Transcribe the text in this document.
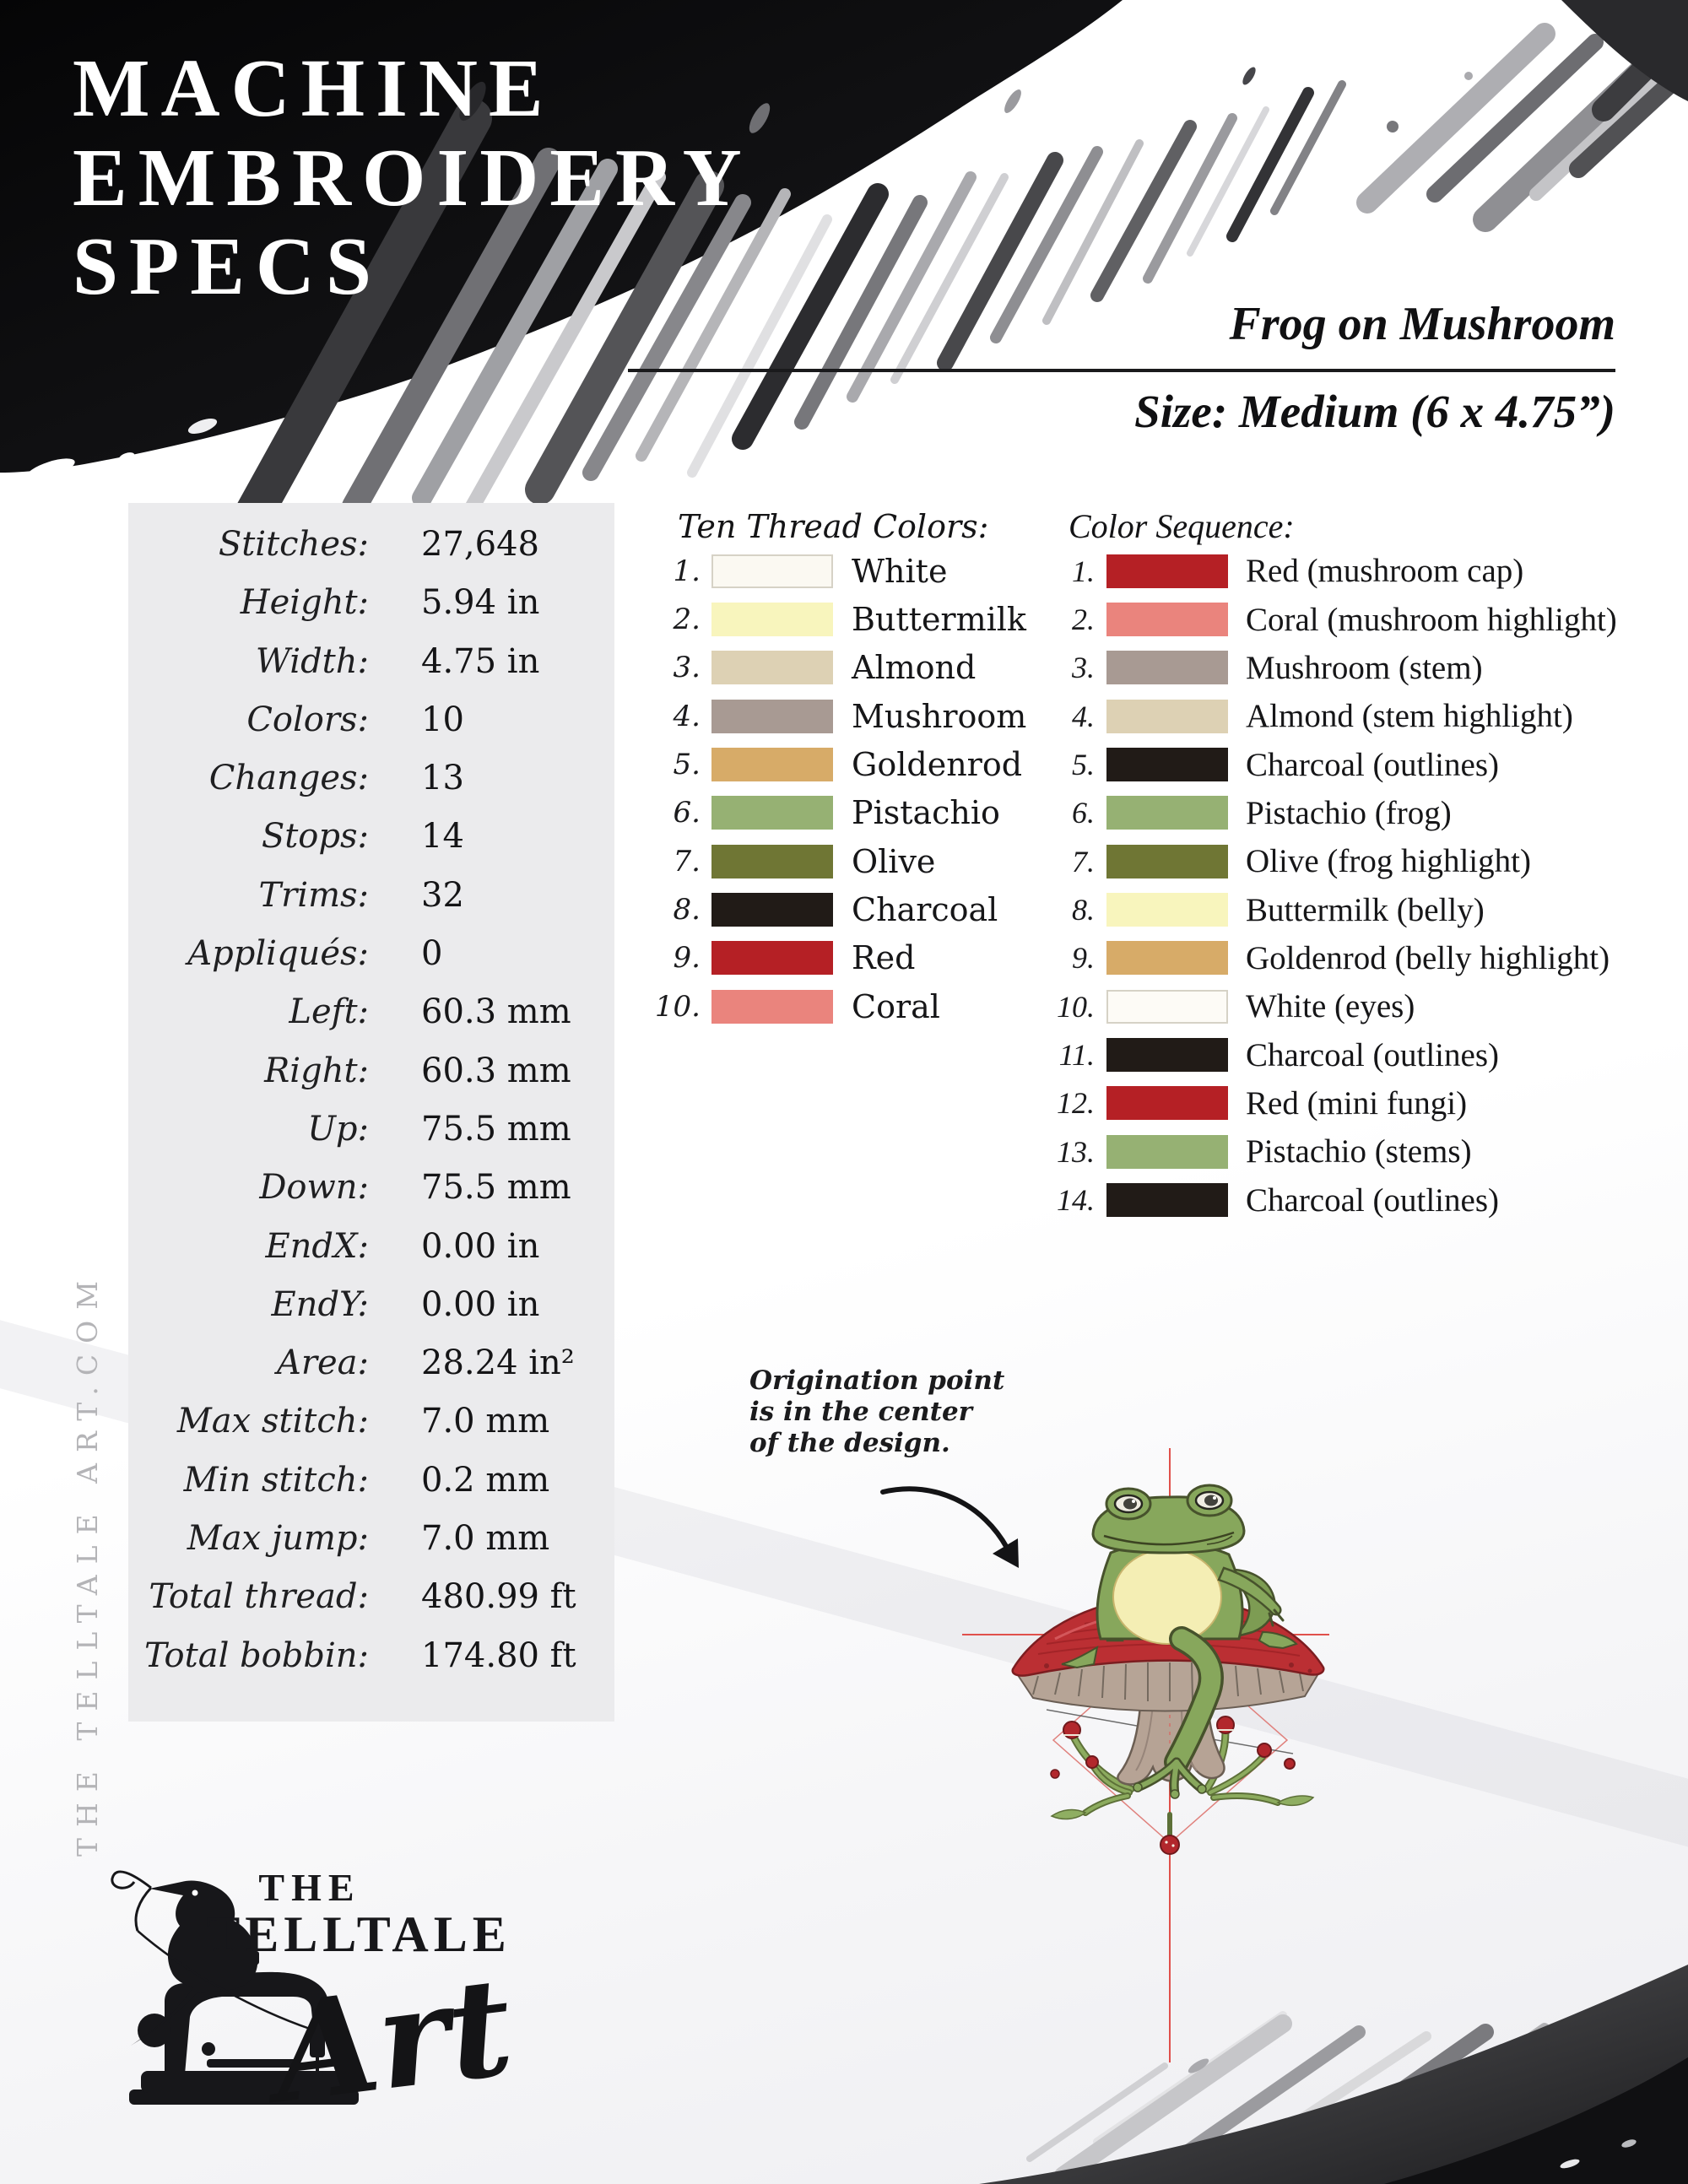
MACHINE
EMBROIDERY
SPECS
Frog on Mushroom
Size: Medium (6 x 4.75”)
Stitches: 27,648
Height: 5.94 in
Width: 4.75 in
Colors: 10
Changes: 13
Stops: 14
Trims: 32
Appliqués: 0
Left: 60.3 mm
Right: 60.3 mm
Up: 75.5 mm
Down: 75.5 mm
EndX: 0.00 in
EndY: 0.00 in
Area: 28.24 in²
Max stitch: 7.0 mm
Min stitch: 0.2 mm
Max jump: 7.0 mm
Total thread: 480.99 ft
Total bobbin: 174.80 ft
Ten Thread Colors:
1.	White
2.	Buttermilk
3.	Almond
4.	Mushroom
5.	Goldenrod
6.	Pistachio
7.	Olive
8.	Charcoal
9.	Red
10.	Coral
Color Sequence:
1.	Red (mushroom cap)
2.	Coral (mushroom highlight)
3.	Mushroom (stem)
4.	Almond (stem highlight)
5.	Charcoal (outlines)
6.	Pistachio (frog)
7.	Olive (frog highlight)
8.	Buttermilk (belly)
9.	Goldenrod (belly highlight)
10.	White (eyes)
11.	Charcoal (outlines)
12.	Red (mini fungi)
13.	Pistachio (stems)
14.	Charcoal (outlines)
Origination point
is in the center
of the design.
THE TELLTALE ART.COM
THE
TELLTALE
Art
